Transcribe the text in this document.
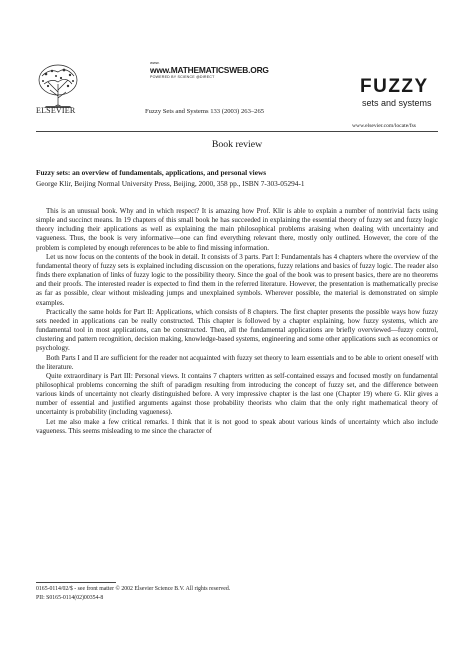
ELSEVIER
www.
www.MATHEMATICSWEB.ORG
POWERED BY SCIENCE @DIRECT
Fuzzy Sets and Systems 133 (2003) 263–265
FUZZY
sets and systems
www.elsevier.com/locate/fss
Book review
Fuzzy sets: an overview of fundamentals, applications, and personal views
George Klir, Beijing Normal University Press, Beijing, 2000, 358 pp., ISBN 7-303-05294-1

This is an unusual book. Why and in which respect? It is amazing how Prof. Klir is able to explain a number of nontrivial facts using simple and succinct means. In 19 chapters of this small book he has succeeded in explaining the essential theory of fuzzy set and fuzzy logic theory including their applications as well as explaining the main philosophical problems araising when dealing with uncertainty and vagueness. Thus, the book is very informative—one can find everything relevant there, mostly only outlined. However, the core of the problem is completed by enough references to be able to find missing information.

Let us now focus on the contents of the book in detail. It consists of 3 parts. Part I: Fundamentals has 4 chapters where the overview of the fundamental theory of fuzzy sets is explained including discussion on the operations, fuzzy relations and basics of fuzzy logic. The reader also finds there explanation of links of fuzzy logic to the possibility theory. Since the goal of the book was to present basics, there are no theorems and their proofs. The interested reader is expected to find them in the referred literature. However, the presentation is mathematically precise as far as possible, clear without misleading jumps and unexplained symbols. Wherever possible, the material is demonstrated on simple examples.

Practically the same holds for Part II: Applications, which consists of 8 chapters. The first chapter presents the possible ways how fuzzy sets needed in applications can be really constructed. This chapter is followed by a chapter explaining, how fuzzy systems, which are fundamental tool in most applications, can be constructed. Then, all the fundamental applications are briefly overviewed—fuzzy control, clustering and pattern recognition, decision making, knowledge-based systems, engineering and some other applications such as economics or psychology.

Both Parts I and II are sufficient for the reader not acquainted with fuzzy set theory to learn essentials and to be able to orient oneself with the literature.

Quite extraordinary is Part III: Personal views. It contains 7 chapters written as self-contained essays and focused mostly on fundamental philosophical problems concerning the shift of paradigm resulting from introducing the concept of fuzzy set, and the difference between various kinds of uncertainty not clearly distinguished before. A very impressive chapter is the last one (Chapter 19) where G. Klir gives a number of essential and justified arguments against those probability theorists who claim that the only right mathematical theory of uncertainty is probability (including vagueness).

Let me also make a few critical remarks. I think that it is not good to speak about various kinds of uncertainty which also include vagueness. This seems misleading to me since the character of

0165-0114/02/$ - see front matter © 2002 Elsevier Science B.V. All rights reserved.
PII: S0165-0114(02)00354-8
